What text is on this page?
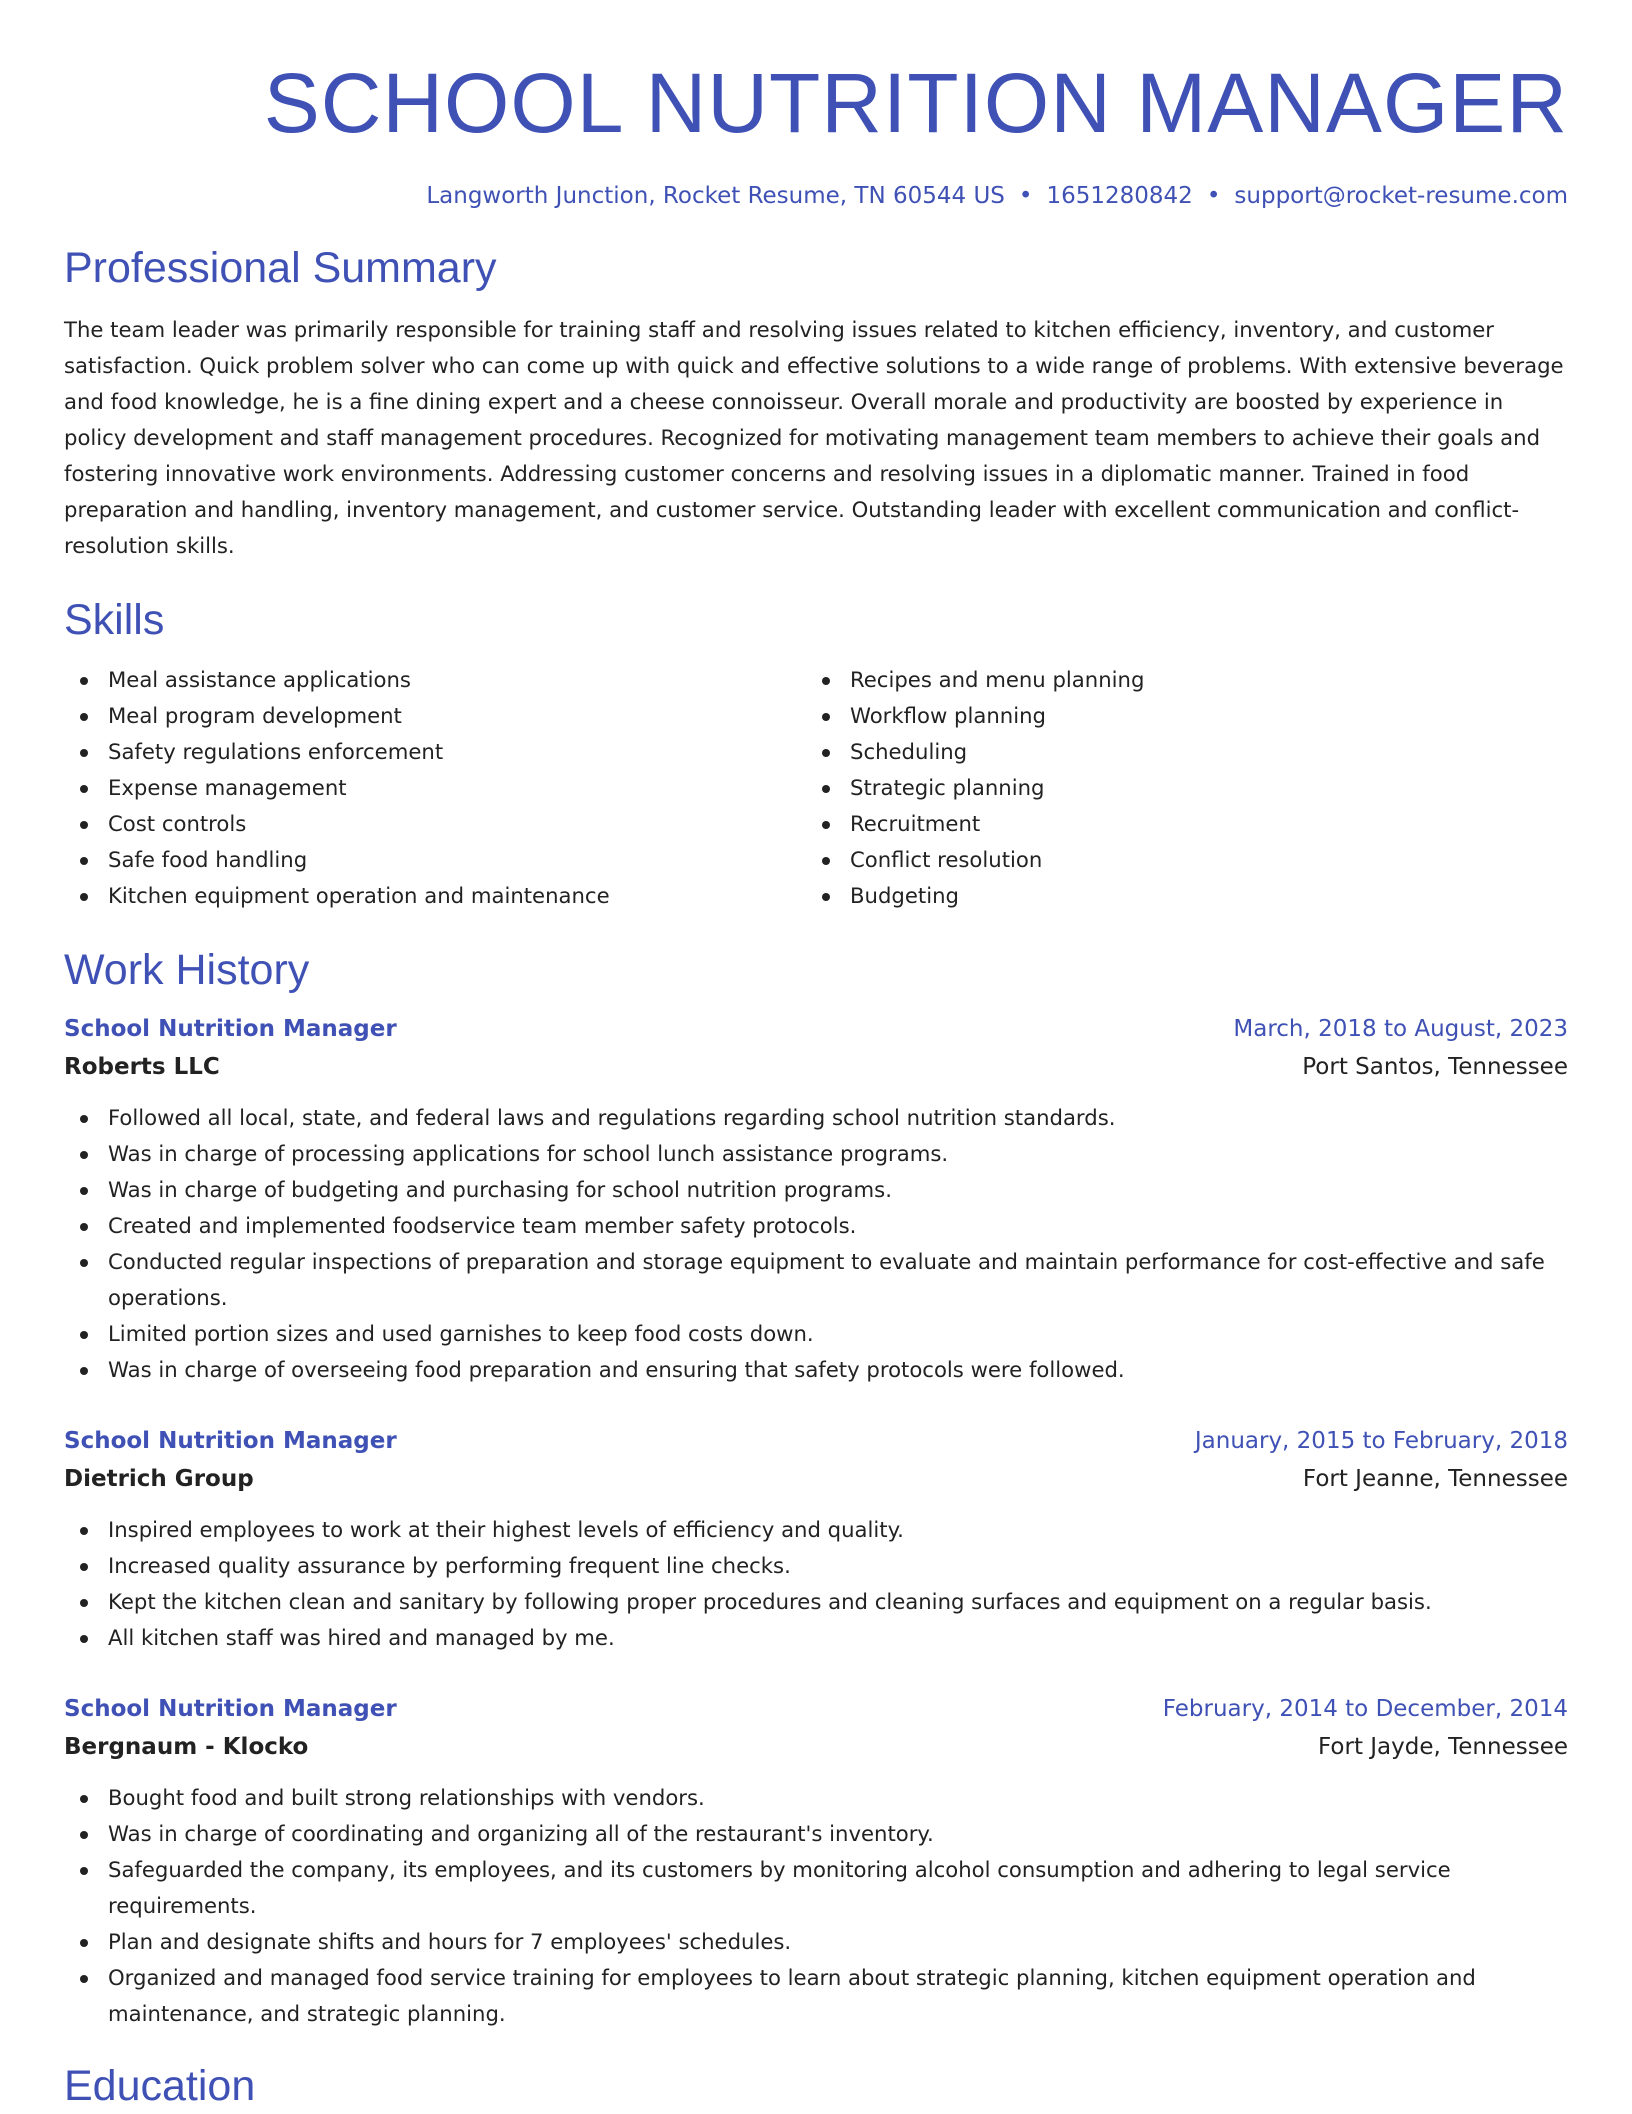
SCHOOL NUTRITION MANAGER
Langworth Junction, Rocket Resume, TN 60544 US • 1651280842 • support@rocket-resume.com
Professional Summary

The team leader was primarily responsible for training staff and resolving issues related to kitchen efficiency, inventory, and customer satisfaction. Quick problem solver who can come up with quick and effective solutions to a wide range of problems. With extensive beverage and food knowledge, he is a fine dining expert and a cheese connoisseur. Overall morale and productivity are boosted by experience in policy development and staff management procedures. Recognized for motivating management team members to achieve their goals and fostering innovative work environments. Addressing customer concerns and resolving issues in a diplomatic manner. Trained in food preparation and handling, inventory management, and customer service. Outstanding leader with excellent communication and conflict-resolution skills.

Skills
Meal assistance applications
Meal program development
Safety regulations enforcement
Expense management
Cost controls
Safe food handling
Kitchen equipment operation and maintenance
Recipes and menu planning
Workflow planning
Scheduling
Strategic planning
Recruitment
Conflict resolution
Budgeting
Work History
School Nutrition Manager	March, 2018 to August, 2023
Roberts LLC	Port Santos, Tennessee
Followed all local, state, and federal laws and regulations regarding school nutrition standards.
Was in charge of processing applications for school lunch assistance programs.
Was in charge of budgeting and purchasing for school nutrition programs.
Created and implemented foodservice team member safety protocols.
Conducted regular inspections of preparation and storage equipment to evaluate and maintain performance for cost-effective and safe operations.
Limited portion sizes and used garnishes to keep food costs down.
Was in charge of overseeing food preparation and ensuring that safety protocols were followed.
School Nutrition Manager	January, 2015 to February, 2018
Dietrich Group	Fort Jeanne, Tennessee
Inspired employees to work at their highest levels of efficiency and quality.
Increased quality assurance by performing frequent line checks.
Kept the kitchen clean and sanitary by following proper procedures and cleaning surfaces and equipment on a regular basis.
All kitchen staff was hired and managed by me.
School Nutrition Manager	February, 2014 to December, 2014
Bergnaum - Klocko	Fort Jayde, Tennessee
Bought food and built strong relationships with vendors.
Was in charge of coordinating and organizing all of the restaurant's inventory.
Safeguarded the company, its employees, and its customers by monitoring alcohol consumption and adhering to legal service requirements.
Plan and designate shifts and hours for 7 employees' schedules.
Organized and managed food service training for employees to learn about strategic planning, kitchen equipment operation and maintenance, and strategic planning.
Education
